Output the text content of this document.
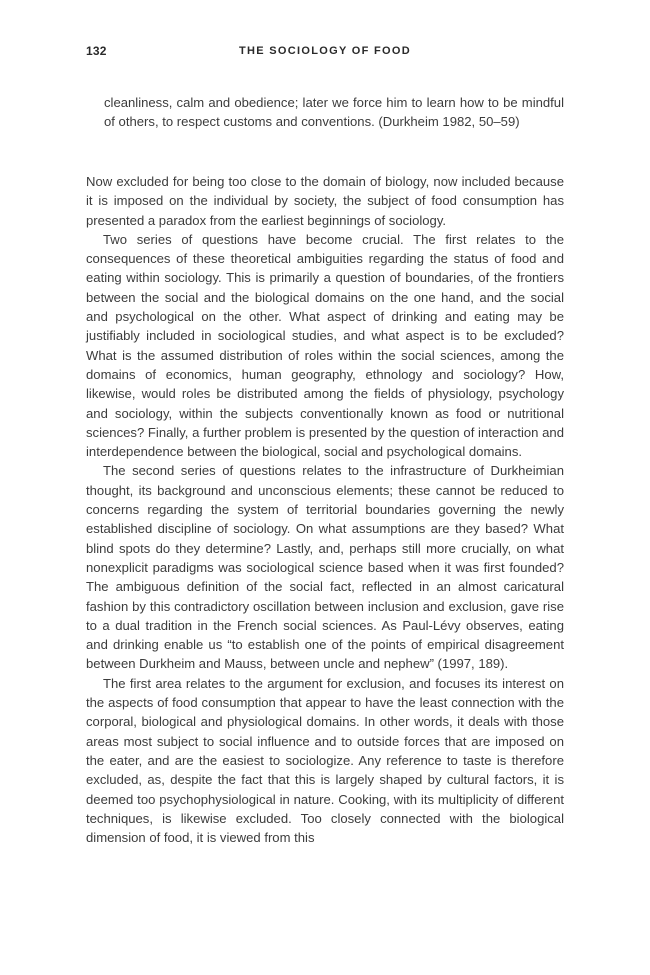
132	THE SOCIOLOGY OF FOOD

cleanliness, calm and obedience; later we force him to learn how to be mindful of others, to respect customs and conventions. (Durkheim 1982, 50–59)

Now excluded for being too close to the domain of biology, now included because it is imposed on the individual by society, the subject of food consumption has presented a paradox from the earliest beginnings of sociology.

Two series of questions have become crucial. The first relates to the consequences of these theoretical ambiguities regarding the status of food and eating within sociology. This is primarily a question of boundaries, of the frontiers between the social and the biological domains on the one hand, and the social and psychological on the other. What aspect of drinking and eating may be justifiably included in sociological studies, and what aspect is to be excluded? What is the assumed distribution of roles within the social sciences, among the domains of economics, human geography, ethnology and sociology? How, likewise, would roles be distributed among the fields of physiology, psychology and sociology, within the subjects conventionally known as food or nutritional sciences? Finally, a further problem is presented by the question of interaction and interdependence between the biological, social and psychological domains.

The second series of questions relates to the infrastructure of Durkheimian thought, its background and unconscious elements; these cannot be reduced to concerns regarding the system of territorial boundaries governing the newly established discipline of sociology. On what assumptions are they based? What blind spots do they determine? Lastly, and, perhaps still more crucially, on what nonexplicit paradigms was sociological science based when it was first founded? The ambiguous definition of the social fact, reflected in an almost caricatural fashion by this contradictory oscillation between inclusion and exclusion, gave rise to a dual tradition in the French social sciences. As Paul-Lévy observes, eating and drinking enable us “to establish one of the points of empirical disagreement between Durkheim and Mauss, between uncle and nephew” (1997, 189).

The first area relates to the argument for exclusion, and focuses its interest on the aspects of food consumption that appear to have the least connection with the corporal, biological and physiological domains. In other words, it deals with those areas most subject to social influence and to outside forces that are imposed on the eater, and are the easiest to sociologize. Any reference to taste is therefore excluded, as, despite the fact that this is largely shaped by cultural factors, it is deemed too psychophysiological in nature. Cooking, with its multiplicity of different techniques, is likewise excluded. Too closely connected with the biological dimension of food, it is viewed from this
